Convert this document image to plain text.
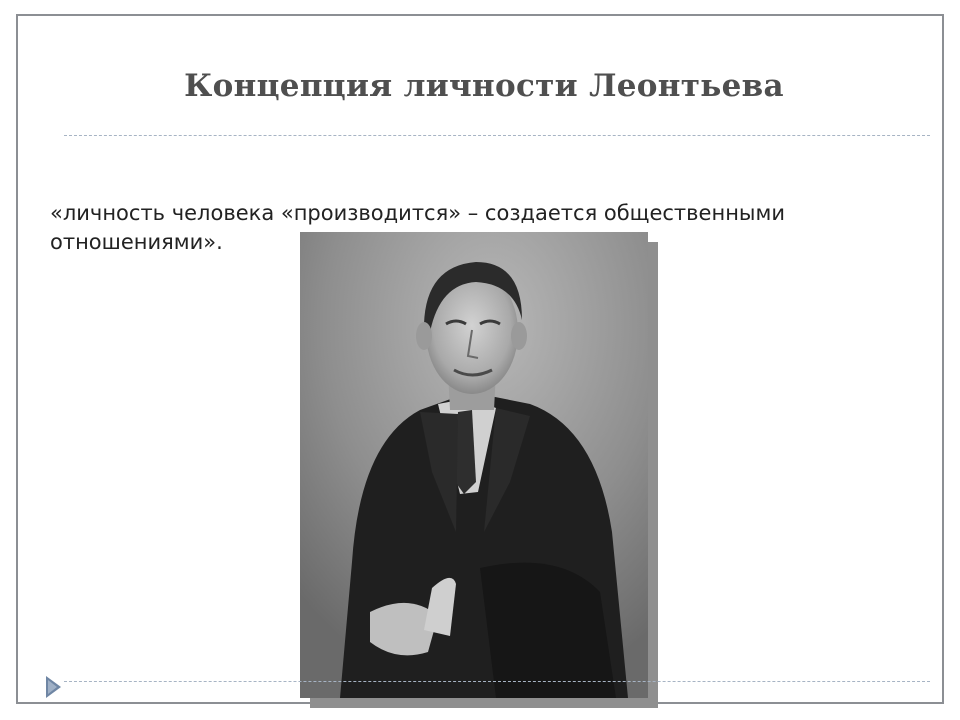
Концепция личности Леонтьева

«личность человека «производится» – создается общественными отношениями».
